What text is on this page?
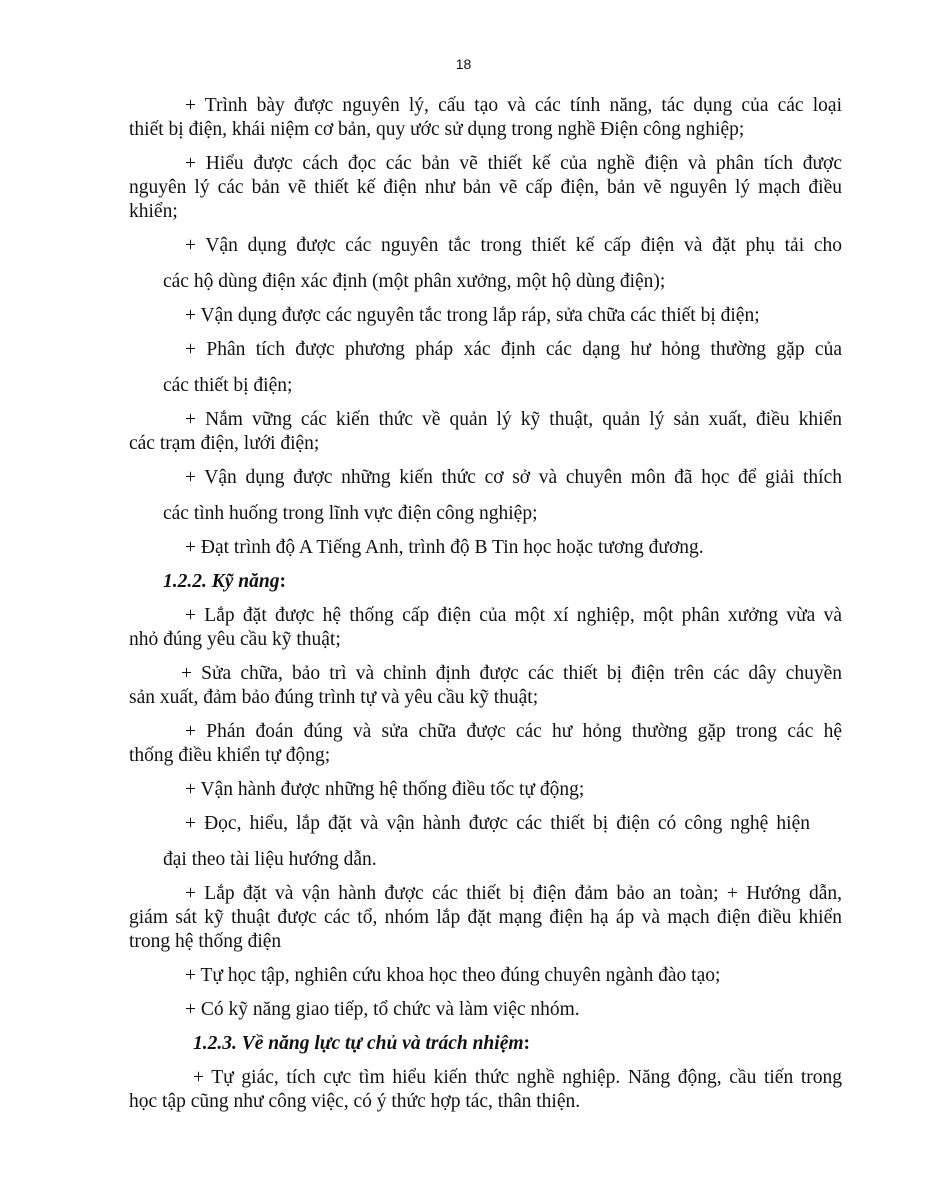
18
+ Trình bày được nguyên lý, cấu tạo và các tính năng, tác dụng của các loại
thiết bị điện, khái niệm cơ bản, quy ước sử dụng trong nghề Điện công nghiệp;
+ Hiểu được cách đọc các bản vẽ thiết kế của nghề điện và phân tích được
nguyên lý các bản vẽ thiết kế điện như bản vẽ cấp điện, bản vẽ nguyên lý mạch điều
khiển;
+ Vận dụng được các nguyên tắc trong thiết kế cấp điện và đặt phụ tải cho
các hộ dùng điện xác định (một phân xưởng, một hộ dùng điện);
+ Vận dụng được các nguyên tắc trong lắp ráp, sửa chữa các thiết bị điện;
+ Phân tích được phương pháp xác định các dạng hư hỏng thường gặp của
các thiết bị điện;
+ Nắm vững các kiến thức về quản lý kỹ thuật, quản lý sản xuất, điều khiển
các trạm điện, lưới điện;
+ Vận dụng được những kiến thức cơ sở và chuyên môn đã học để giải thích
các tình huống trong lĩnh vực điện công nghiệp;
+ Đạt trình độ A Tiếng Anh, trình độ B Tin học hoặc tương đương.
1.2.2. Kỹ năng:
+ Lắp đặt được hệ thống cấp điện của một xí nghiệp, một phân xưởng vừa và
nhỏ đúng yêu cầu kỹ thuật;
+ Sửa chữa, bảo trì và chỉnh định được các thiết bị điện trên các dây chuyền
sản xuất, đảm bảo đúng trình tự và yêu cầu kỹ thuật;
+ Phán đoán đúng và sửa chữa được các hư hỏng thường gặp trong các hệ
thống điều khiển tự động;
+ Vận hành được những hệ thống điều tốc tự động;
+ Đọc, hiểu, lắp đặt và vận hành được các thiết bị điện có công nghệ hiện
đại theo tài liệu hướng dẫn.
+ Lắp đặt và vận hành được các thiết bị điện đảm bảo an toàn; + Hướng dẫn,
giám sát kỹ thuật được các tổ, nhóm lắp đặt mạng điện hạ áp và mạch điện điều khiển
trong hệ thống điện
+ Tự học tập, nghiên cứu khoa học theo đúng chuyên ngành đào tạo;
+ Có kỹ năng giao tiếp, tổ chức và làm việc nhóm.
1.2.3. Về năng lực tự chủ và trách nhiệm:
+ Tự giác, tích cực tìm hiểu kiến thức nghề nghiệp. Năng động, cầu tiến trong
học tập cũng như công việc, có ý thức hợp tác, thân thiện.
